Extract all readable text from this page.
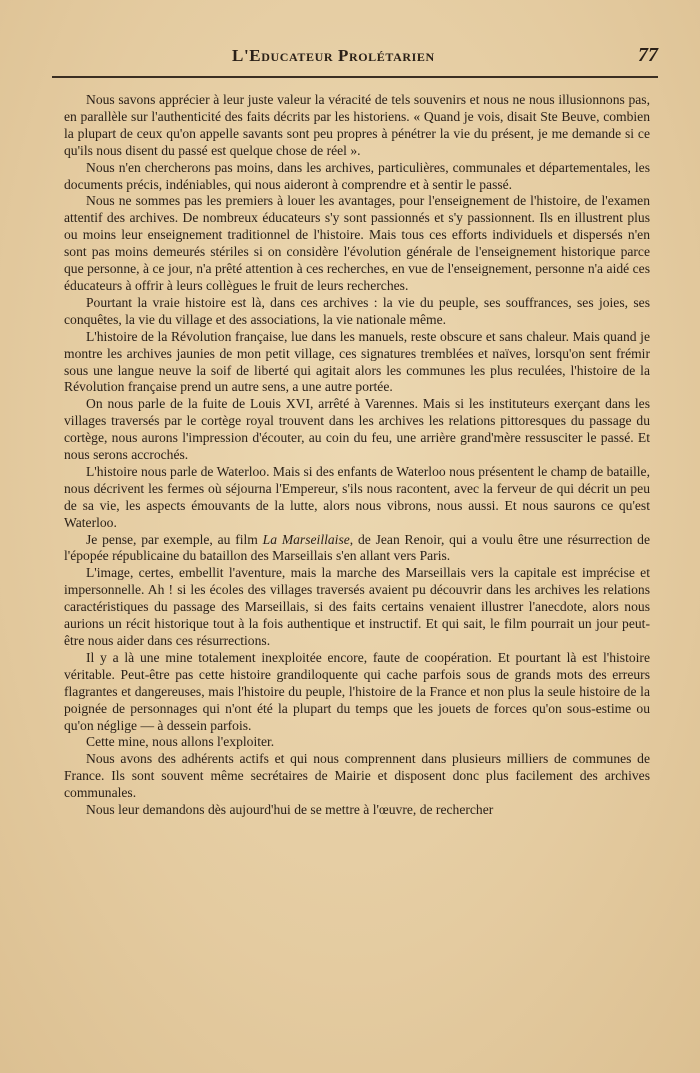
L'Educateur Prolétarien	77

Nous savons apprécier à leur juste valeur la véracité de tels souvenirs et nous ne nous illusionnons pas, en parallèle sur l'authenticité des faits décrits par les historiens. « Quand je vois, disait Ste Beuve, combien la plupart de ceux qu'on appelle savants sont peu propres à pénétrer la vie du présent, je me demande si ce qu'ils nous disent du passé est quelque chose de réel ».

Nous n'en chercherons pas moins, dans les archives, particulières, communales et départementales, les documents précis, indéniables, qui nous aideront à comprendre et à sentir le passé.

Nous ne sommes pas les premiers à louer les avantages, pour l'enseignement de l'histoire, de l'examen attentif des archives. De nombreux éducateurs s'y sont passionnés et s'y passionnent. Ils en illustrent plus ou moins leur enseignement traditionnel de l'histoire. Mais tous ces efforts individuels et dispersés n'en sont pas moins demeurés stériles si on considère l'évolution générale de l'enseignement historique parce que personne, à ce jour, n'a prêté attention à ces recherches, en vue de l'enseignement, personne n'a aidé ces éducateurs à offrir à leurs collègues le fruit de leurs recherches.

Pourtant la vraie histoire est là, dans ces archives : la vie du peuple, ses souffrances, ses joies, ses conquêtes, la vie du village et des associations, la vie nationale même.

L'histoire de la Révolution française, lue dans les manuels, reste obscure et sans chaleur. Mais quand je montre les archives jaunies de mon petit village, ces signatures tremblées et naïves, lorsqu'on sent frémir sous une langue neuve la soif de liberté qui agitait alors les communes les plus reculées, l'histoire de la Révolution française prend un autre sens, a une autre portée.

On nous parle de la fuite de Louis XVI, arrêté à Varennes. Mais si les instituteurs exerçant dans les villages traversés par le cortège royal trouvent dans les archives les relations pittoresques du passage du cortège, nous aurons l'impression d'écouter, au coin du feu, une arrière grand'mère ressusciter le passé. Et nous serons accrochés.

L'histoire nous parle de Waterloo. Mais si des enfants de Waterloo nous présentent le champ de bataille, nous décrivent les fermes où séjourna l'Empereur, s'ils nous racontent, avec la ferveur de qui décrit un peu de sa vie, les aspects émouvants de la lutte, alors nous vibrons, nous aussi. Et nous saurons ce qu'est Waterloo.

Je pense, par exemple, au film La Marseillaise, de Jean Renoir, qui a voulu être une résurrection de l'épopée républicaine du bataillon des Marseillais s'en allant vers Paris.

L'image, certes, embellit l'aventure, mais la marche des Marseillais vers la capitale est imprécise et impersonnelle. Ah ! si les écoles des villages traversés avaient pu découvrir dans les archives les relations caractéristiques du passage des Marseillais, si des faits certains venaient illustrer l'anecdote, alors nous aurions un récit historique tout à la fois authentique et instructif. Et qui sait, le film pourrait un jour peut-être nous aider dans ces résurrections.

Il y a là une mine totalement inexploitée encore, faute de coopération. Et pourtant là est l'histoire véritable. Peut-être pas cette histoire grandiloquente qui cache parfois sous de grands mots des erreurs flagrantes et dangereuses, mais l'histoire du peuple, l'histoire de la France et non plus la seule histoire de la poignée de personnages qui n'ont été la plupart du temps que les jouets de forces qu'on sous-estime ou qu'on néglige — à dessein parfois.

Cette mine, nous allons l'exploiter.

Nous avons des adhérents actifs et qui nous comprennent dans plusieurs milliers de communes de France. Ils sont souvent même secrétaires de Mairie et disposent donc plus facilement des archives communales.

Nous leur demandons dès aujourd'hui de se mettre à l'œuvre, de rechercher
